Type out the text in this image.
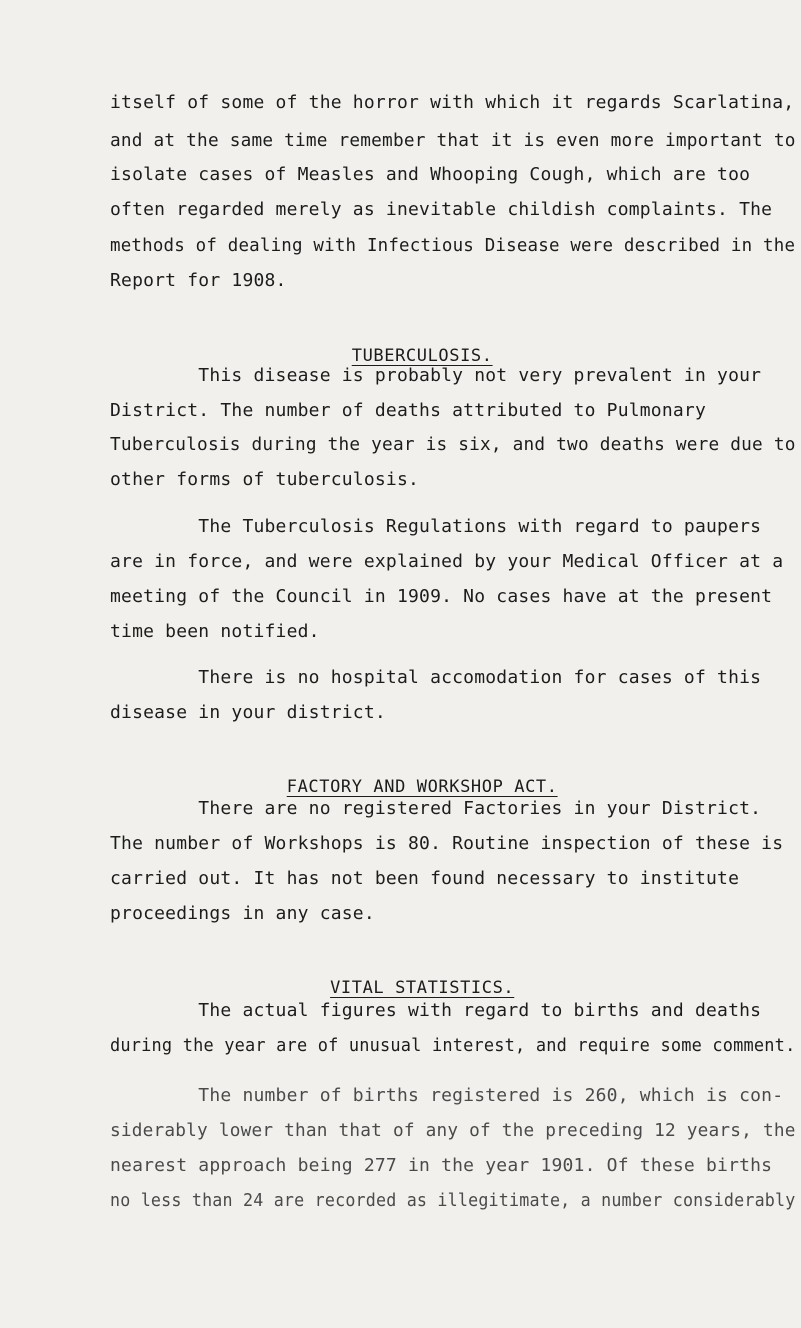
itself of some of the horror with which it regards Scarlatina,
and at the same time remember that it is even more important to
isolate cases of Measles and Whooping Cough, which are too
often regarded merely as inevitable childish complaints. The
methods of dealing with Infectious Disease were described in the
Report for 1908.

TUBERCULOSIS.

This disease is probably not very prevalent in your
District. The number of deaths attributed to Pulmonary
Tuberculosis during the year is six, and two deaths were due to
other forms of tuberculosis.
The Tuberculosis Regulations with regard to paupers
are in force, and were explained by your Medical Officer at a
meeting of the Council in 1909. No cases have at the present
time been notified.
There is no hospital accomodation for cases of this
disease in your district.

FACTORY AND WORKSHOP ACT.

There are no registered Factories in your District.
The number of Workshops is 80. Routine inspection of these is
carried out. It has not been found necessary to institute
proceedings in any case.

VITAL STATISTICS.

The actual figures with regard to births and deaths
during the year are of unusual interest, and require some comment.
The number of births registered is 260, which is con-
siderably lower than that of any of the preceding 12 years, the
nearest approach being 277 in the year 1901. Of these births
no less than 24 are recorded as illegitimate, a number considerably
